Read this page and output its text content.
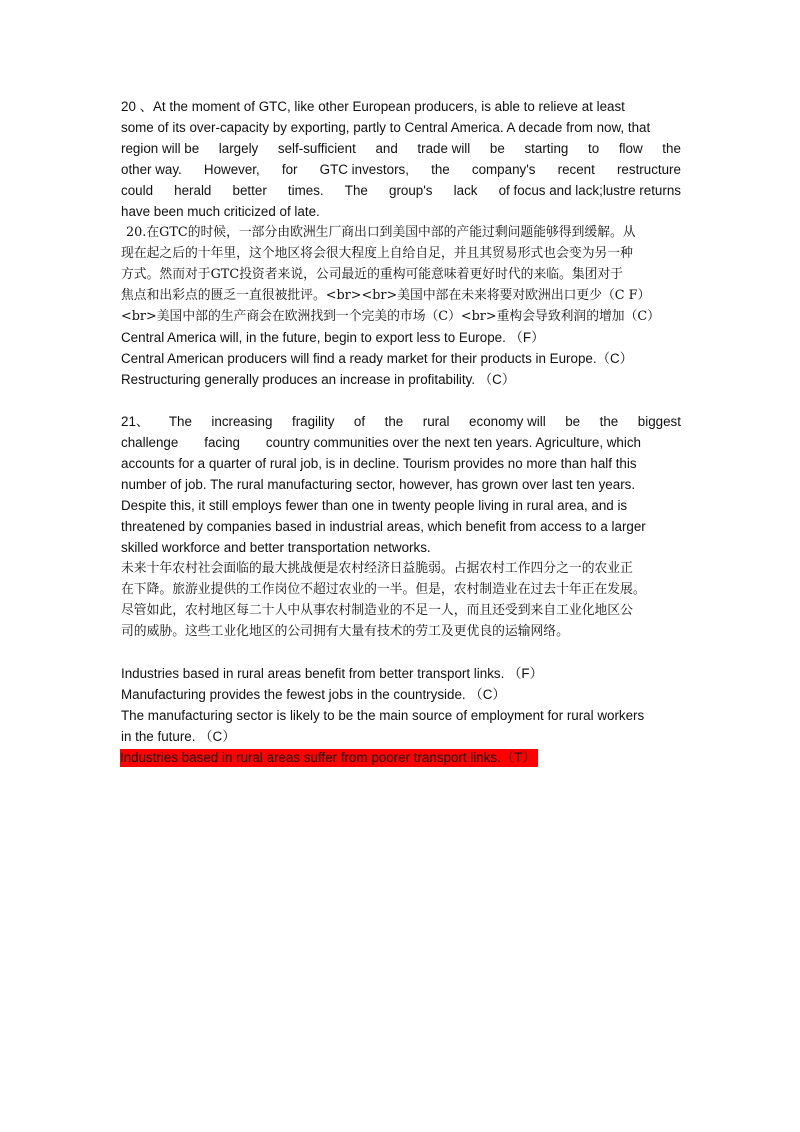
20 、At the moment of GTC, like other European producers, is able to relieve at least
some of its over-capacity by exporting, partly to Central America. A decade from now, that
region will be largely self-sufficient and trade will be starting to flow the
other way. However, for GTC investors, the company's recent restructure
could herald better times. The group's lack of focus and lack;lustre returns
have been much criticized of late.
20.在GTC的时候，一部分由欧洲生厂商出口到美国中部的产能过剩问题能够得到缓解。从
现在起之后的十年里，这个地区将会很大程度上自给自足，并且其贸易形式也会变为另一种
方式。然而对于GTC投资者来说，公司最近的重构可能意味着更好时代的来临。集团对于
焦点和出彩点的匮乏一直很被批评。<br><br>美国中部在未来将要对欧洲出口更少（C F）
<br>美国中部的生产商会在欧洲找到一个完美的市场（C）<br>重构会导致利润的增加（C）
Central America will, in the future, begin to export less to Europe. （F）
Central American producers will find a ready market for their products in Europe.（C）
Restructuring generally produces an increase in profitability. （C）
21、 The increasing fragility of the rural economy will be the biggest
challenge facing country communities over the next ten years. Agriculture, which
accounts for a quarter of rural job, is in decline. Tourism provides no more than half this
number of job. The rural manufacturing sector, however, has grown over last ten years.
Despite this, it still employs fewer than one in twenty people living in rural area, and is
threatened by companies based in industrial areas, which benefit from access to a larger
skilled workforce and better transportation networks.
未来十年农村社会面临的最大挑战便是农村经济日益脆弱。占据农村工作四分之一的农业正
在下降。旅游业提供的工作岗位不超过农业的一半。但是，农村制造业在过去十年正在发展。
尽管如此，农村地区每二十人中从事农村制造业的不足一人，而且还受到来自工业化地区公
司的威胁。这些工业化地区的公司拥有大量有技术的劳工及更优良的运输网络。
Industries based in rural areas benefit from better transport links. （F）
Manufacturing provides the fewest jobs in the countryside. （C）
The manufacturing sector is likely to be the main source of employment for rural workers
in the future. （C）
Industries based in rural areas suffer from poorer transport links.（T）
